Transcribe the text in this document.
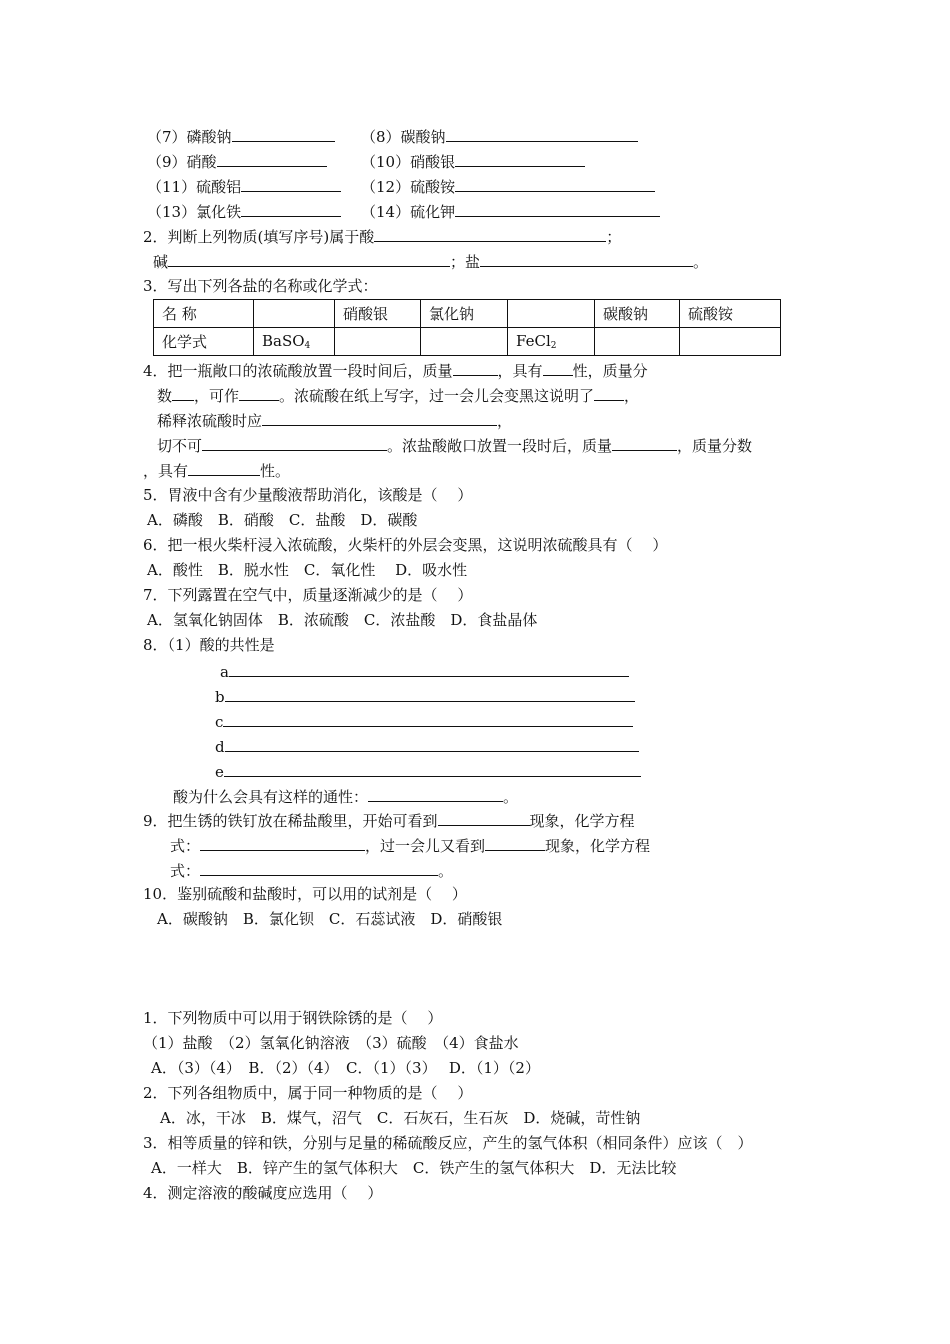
（7）磷酸钠	（8）碳酸钠
（9）硝酸	（10）硝酸银
（11）硫酸铝	（12）硫酸铵
（13）氯化铁	（14）硫化钾
2．判断上列物质(填写序号)属于酸	；
碱	；盐	。
3．写出下列各盐的名称或化学式：
名 称		硝酸银	氯化钠		碳酸钠	硫酸铵
化学式	BaSO$_4$			FeCl$_2$		
4．把一瓶敞口的浓硫酸放置一段时间后，质量	，具有 性，质量分
数 ，可作	。浓硫酸在纸上写字，过一会儿会变黑这说明了 ，
稀释浓硫酸时应	，
切不可	。浓盐酸敞口放置一段时后，质量	，质量分数
，具有	性。
5．胃液中含有少量酸液帮助消化，该酸是（　 ）
A．磷酸　B．硝酸　C．盐酸　D．碳酸
6．把一根火柴杆浸入浓硫酸，火柴杆的外层会变黑，这说明浓硫酸具有（　 ）
A．酸性　B．脱水性　C．氧化性　 D．吸水性
7．下列露置在空气中，质量逐渐减少的是（　 ）
A．氢氧化钠固体　B．浓硫酸　C．浓盐酸　D．食盐晶体
8．（1）酸的共性是
a
b
c
d
e
酸为什么会具有这样的通性：	。
9．把生锈的铁钉放在稀盐酸里，开始可看到	现象，化学方程
式：	，过一会儿又看到	现象，化学方程
式：	。
10．鉴别硫酸和盐酸时，可以用的试剂是（　 ）
A．碳酸钠　B．氯化钡　C．石蕊试液　D．硝酸银
1．下列物质中可以用于钢铁除锈的是（　 ）
（1）盐酸　（2）氢氧化钠溶液　（3）硫酸　（4）食盐水
A．（3）（4）　B．（2）（4）　C．（1）（3）　 D．（1）（2）
2．下列各组物质中，属于同一种物质的是（　 ）
A．冰，干冰　B．煤气，沼气　C．石灰石，生石灰　D．烧碱，苛性钠
3．相等质量的锌和铁，分别与足量的稀硫酸反应，产生的氢气体积（相同条件）应该（　）
A．一样大　B．锌产生的氢气体积大　C．铁产生的氢气体积大　D．无法比较
4．测定溶液的酸碱度应选用（　 ）
